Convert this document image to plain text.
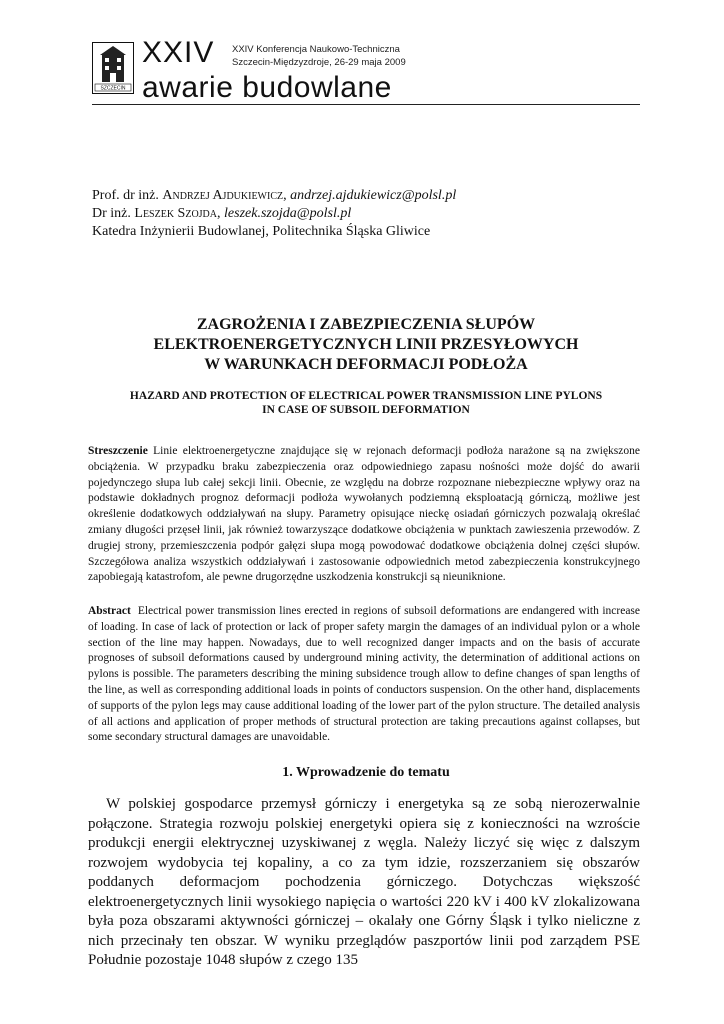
SZCZECIN
XXIV XXIV Konferencja Naukowo-Techniczna
Szczecin-Międzyzdroje, 26-29 maja 2009
awarie budowlane
Prof. dr inż. Andrzej Ajdukiewicz, andrzej.ajdukiewicz@polsl.pl
Dr inż. Leszek Szojda, leszek.szojda@polsl.pl
Katedra Inżynierii Budowlanej, Politechnika Śląska Gliwice
ZAGROŻENIA I ZABEZPIECZENIA SŁUPÓW
ELEKTROENERGETYCZNYCH LINII PRZESYŁOWYCH
W WARUNKACH DEFORMACJI PODŁOŻA
HAZARD AND PROTECTION OF ELECTRICAL POWER TRANSMISSION LINE PYLONS
IN CASE OF SUBSOIL DEFORMATION
Streszczenie Linie elektroenergetyczne znajdujące się w rejonach deformacji podłoża narażone są na zwiększone obciążenia. W przypadku braku zabezpieczenia oraz odpowiedniego zapasu nośności może dojść do awarii pojedynczego słupa lub całej sekcji linii. Obecnie, ze względu na dobrze rozpoznane niebezpieczne wpływy oraz na podstawie dokładnych prognoz deformacji podłoża wywołanych podziemną eksploatacją górniczą, możliwe jest określenie dodatkowych oddziaływań na słupy. Parametry opisujące nieckę osiadań górniczych pozwalają określać zmiany długości przęseł linii, jak również towarzyszące dodatkowe obciążenia w punktach zawieszenia przewodów. Z drugiej strony, przemieszczenia podpór gałęzi słupa mogą powodować dodatkowe obciążenia dolnej części słupów. Szczegółowa analiza wszystkich oddziaływań i zastosowanie odpowiednich metod zabezpieczenia konstrukcyjnego zapobiegają katastrofom, ale pewne drugorzędne uszkodzenia konstrukcji są nieuniknione.
Abstract Electrical power transmission lines erected in regions of subsoil deformations are endangered with increase of loading. In case of lack of protection or lack of proper safety margin the damages of an individual pylon or a whole section of the line may happen. Nowadays, due to well recognized danger impacts and on the basis of accurate prognoses of subsoil deformations caused by underground mining activity, the determination of additional actions on pylons is possible. The parameters describing the mining subsidence trough allow to define changes of span lengths of the line, as well as corresponding additional loads in points of conductors suspension. On the other hand, displacements of supports of the pylon legs may cause additional loading of the lower part of the pylon structure. The detailed analysis of all actions and application of proper methods of structural protection are taking precautions against collapses, but some secondary structural damages are unavoidable.
1. Wprowadzenie do tematu
W polskiej gospodarce przemysł górniczy i energetyka są ze sobą nierozerwalnie połączone. Strategia rozwoju polskiej energetyki opiera się z konieczności na wzroście produkcji energii elektrycznej uzyskiwanej z węgla. Należy liczyć się więc z dalszym rozwojem wydobycia tej kopaliny, a co za tym idzie, rozszerzaniem się obszarów poddanych deformacjom pochodzenia górniczego. Dotychczas większość elektroenergetycznych linii wysokiego napięcia o wartości 220 kV i 400 kV zlokalizowana była poza obszarami aktywności górniczej – okalały one Górny Śląsk i tylko nieliczne z nich przecinały ten obszar. W wyniku przeglądów paszportów linii pod zarządem PSE Południe pozostaje 1048 słupów z czego 135
